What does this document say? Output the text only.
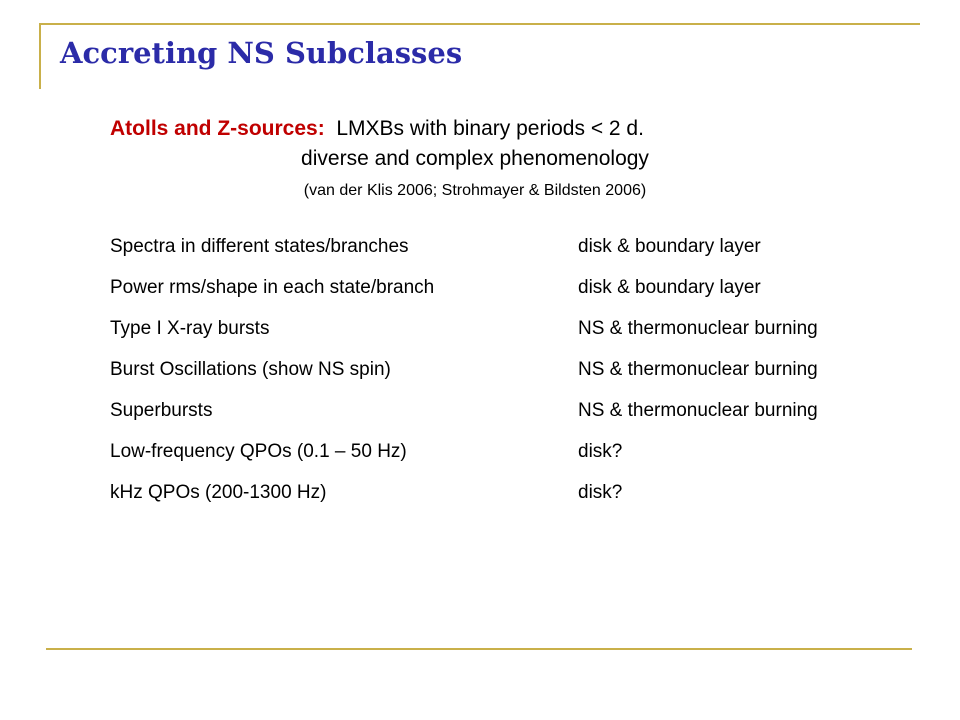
Accreting NS Subclasses
Atolls and Z-sources: LMXBs with binary periods < 2 d.
diverse and complex phenomenology
(van der Klis 2006; Strohmayer & Bildsten 2006)
Spectra in different states/branches	disk & boundary layer
Power rms/shape in each state/branch	disk & boundary layer
Type I X-ray bursts	NS & thermonuclear burning
Burst Oscillations (show NS spin)	NS & thermonuclear burning
Superbursts	NS & thermonuclear burning
Low-frequency QPOs (0.1 – 50 Hz)	disk?
kHz QPOs (200-1300 Hz)	disk?
